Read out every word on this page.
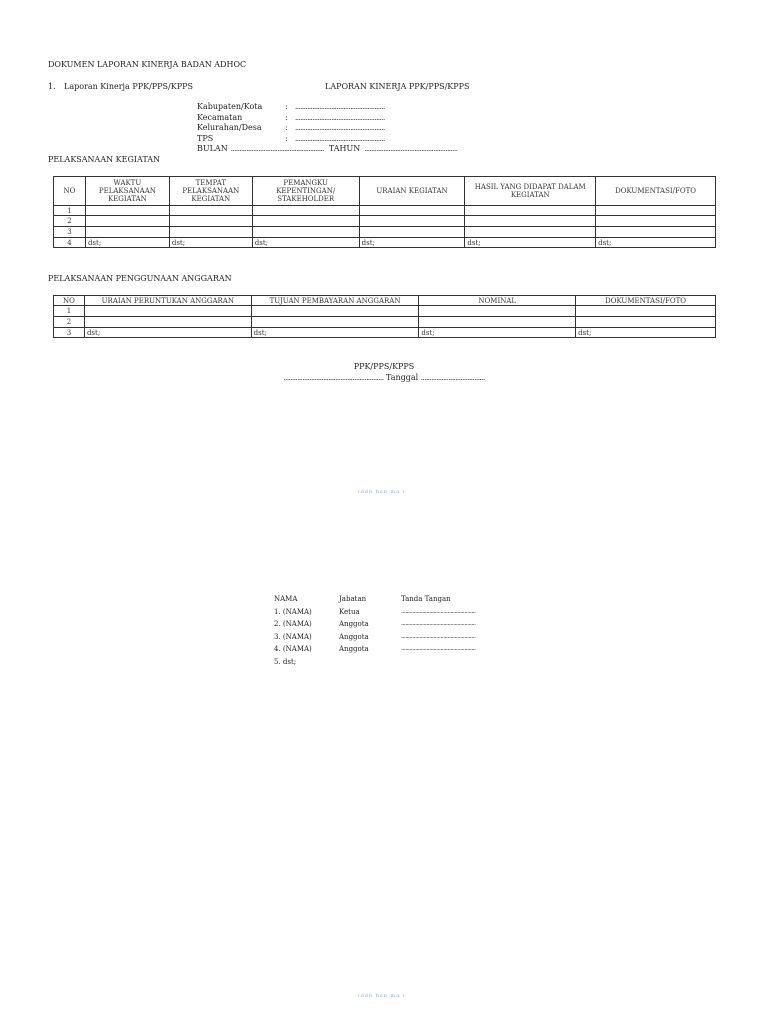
DOKUMEN LAPORAN KINERJA BADAN ADHOC
1. Laporan Kinerja PPK/PPS/KPPS	LAPORAN KINERJA PPK/PPS/KPPS
Kabupaten/Kota	:	....................................................
Kecamatan	:	....................................................
Kelurahan/Desa	:	....................................................
TPS	:	....................................................
BULAN ...................................................... TAHUN ......................................................
PELAKSANAAN KEGIATAN
NO	WAKTU PELAKSANAAN KEGIATAN	TEMPAT PELAKSANAAN KEGIATAN	PEMANGKU KEPENTINGAN/ STAKEHOLDER	URAIAN KEGIATAN	HASIL YANG DIDAPAT DALAM KEGIATAN	DOKUMENTASI/FOTO
1						
2						
3						
4	dst;	dst;	dst;	dst;	dst;	dst;
PELAKSANAAN PENGGUNAAN ANGGARAN
NO	URAIAN PERUNTUKAN ANGGARAN	TUJUAN PEMBAYARAN ANGGARAN	NOMINAL	DOKUMENTASI/FOTO
1				
2				
3	dst;	dst;	dst;	dst;
PPK/PPS/KPPS
.......................................................... Tanggal .....................................
iddb hsn ma i
NAMA	Jabatan	Tanda Tangan
1. (NAMA)	Ketua	.....................................................
2. (NAMA)	Anggota	.....................................................
3. (NAMA)	Anggota	.....................................................
4. (NAMA)	Anggota	.....................................................
5. dst;
iddb hsn ma i
